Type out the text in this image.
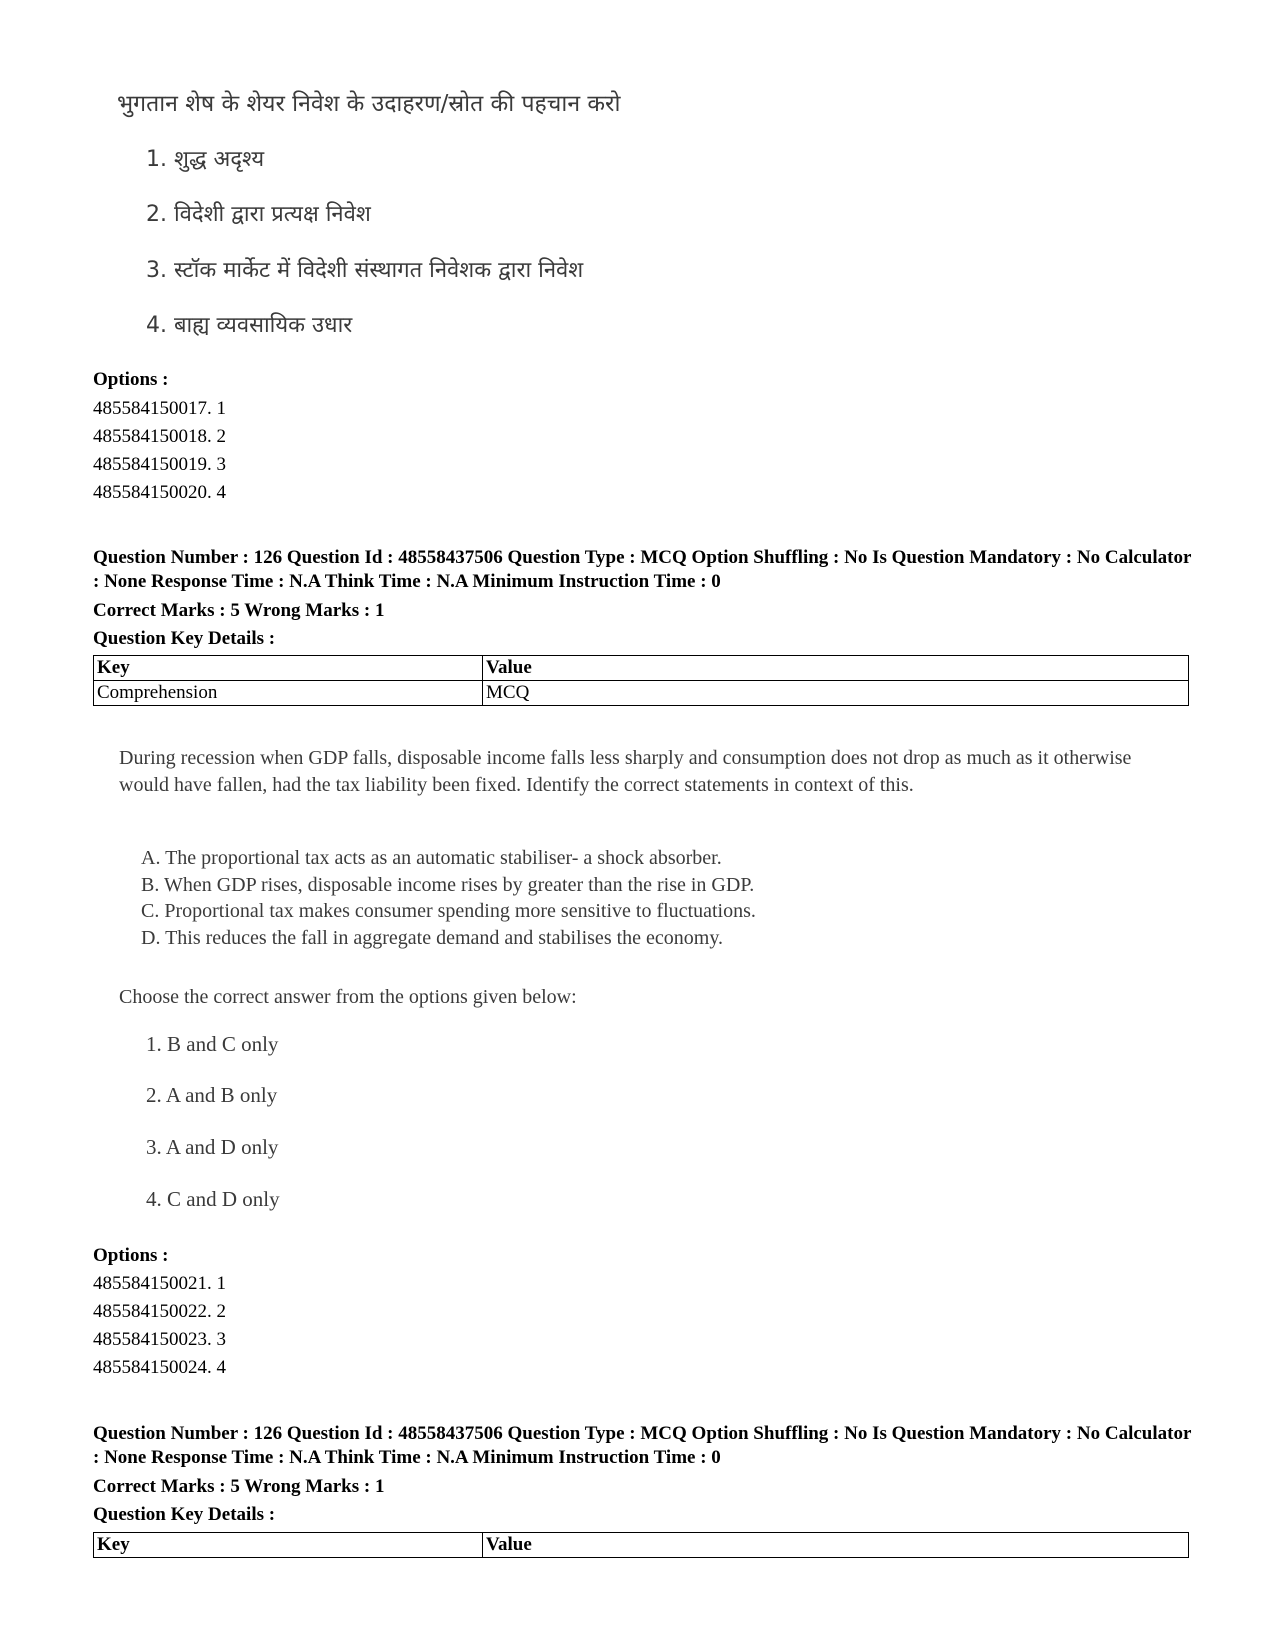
भुगतान शेष के शेयर निवेश के उदाहरण/स्रोत की पहचान करो
1. शुद्ध अदृश्य
2. विदेशी द्वारा प्रत्यक्ष निवेश
3. स्टॉक मार्केट में विदेशी संस्थागत निवेशक द्वारा निवेश
4. बाह्य व्यवसायिक उधार
Options :
485584150017. 1
485584150018. 2
485584150019. 3
485584150020. 4
Question Number : 126 Question Id : 48558437506 Question Type : MCQ Option Shuffling : No Is Question Mandatory : No Calculator : None Response Time : N.A Think Time : N.A Minimum Instruction Time : 0
Correct Marks : 5 Wrong Marks : 1
Question Key Details :
Key	Value
Comprehension	MCQ
During recession when GDP falls, disposable income falls less sharply and consumption does not drop as much as it otherwise would have fallen, had the tax liability been fixed. Identify the correct statements in context of this.
A. The proportional tax acts as an automatic stabiliser- a shock absorber.
B. When GDP rises, disposable income rises by greater than the rise in GDP.
C. Proportional tax makes consumer spending more sensitive to fluctuations.
D. This reduces the fall in aggregate demand and stabilises the economy.
Choose the correct answer from the options given below:
1. B and C only
2. A and B only
3. A and D only
4. C and D only
Options :
485584150021. 1
485584150022. 2
485584150023. 3
485584150024. 4
Question Number : 126 Question Id : 48558437506 Question Type : MCQ Option Shuffling : No Is Question Mandatory : No Calculator : None Response Time : N.A Think Time : N.A Minimum Instruction Time : 0
Correct Marks : 5 Wrong Marks : 1
Question Key Details :
Key	Value
